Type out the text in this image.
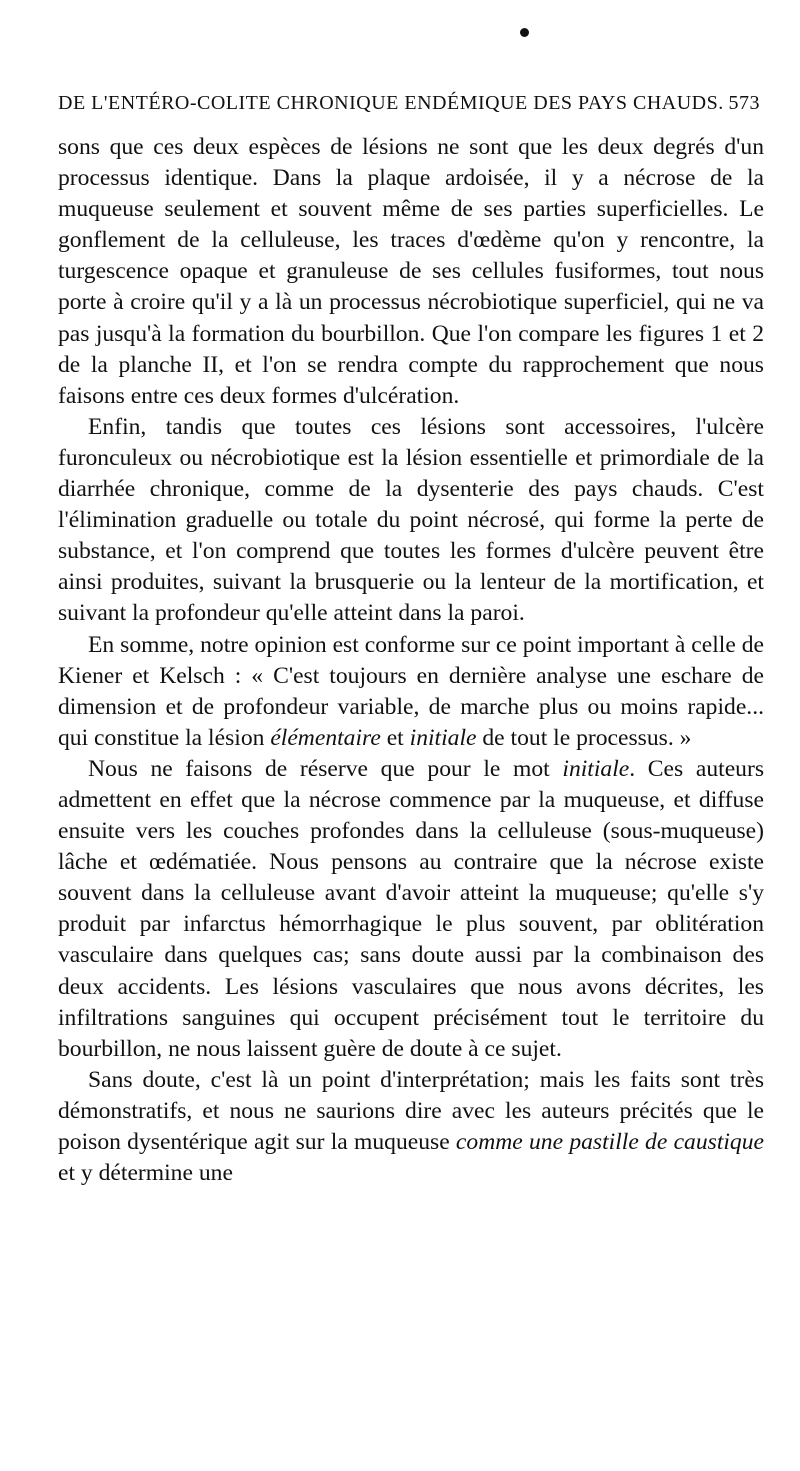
DE L'ENTÉRO-COLITE CHRONIQUE ENDÉMIQUE DES PAYS CHAUDS. 573

sons que ces deux espèces de lésions ne sont que les deux degrés d'un processus identique. Dans la plaque ardoisée, il y a nécrose de la muqueuse seulement et souvent même de ses parties superficielles. Le gonflement de la celluleuse, les traces d'œdème qu'on y rencontre, la turgescence opaque et granuleuse de ses cellules fusiformes, tout nous porte à croire qu'il y a là un processus nécrobiotique superficiel, qui ne va pas jusqu'à la formation du bourbillon. Que l'on compare les figures 1 et 2 de la planche II, et l'on se rendra compte du rapprochement que nous faisons entre ces deux formes d'ulcération.

Enfin, tandis que toutes ces lésions sont accessoires, l'ulcère furonculeux ou nécrobiotique est la lésion essentielle et primordiale de la diarrhée chronique, comme de la dysenterie des pays chauds. C'est l'élimination graduelle ou totale du point nécrosé, qui forme la perte de substance, et l'on comprend que toutes les formes d'ulcère peuvent être ainsi produites, suivant la brusquerie ou la lenteur de la mortification, et suivant la profondeur qu'elle atteint dans la paroi.

En somme, notre opinion est conforme sur ce point important à celle de Kiener et Kelsch : « C'est toujours en dernière analyse une eschare de dimension et de profondeur variable, de marche plus ou moins rapide... qui constitue la lésion élémentaire et initiale de tout le processus. »

Nous ne faisons de réserve que pour le mot initiale. Ces auteurs admettent en effet que la nécrose commence par la muqueuse, et diffuse ensuite vers les couches profondes dans la celluleuse (sous-muqueuse) lâche et œdématiée. Nous pensons au contraire que la nécrose existe souvent dans la celluleuse avant d'avoir atteint la muqueuse; qu'elle s'y produit par infarctus hémorrhagique le plus souvent, par oblitération vasculaire dans quelques cas; sans doute aussi par la combinaison des deux accidents. Les lésions vasculaires que nous avons décrites, les infiltrations sanguines qui occupent précisément tout le territoire du bourbillon, ne nous laissent guère de doute à ce sujet.

Sans doute, c'est là un point d'interprétation; mais les faits sont très démonstratifs, et nous ne saurions dire avec les auteurs précités que le poison dysentérique agit sur la muqueuse comme une pastille de caustique et y détermine une
